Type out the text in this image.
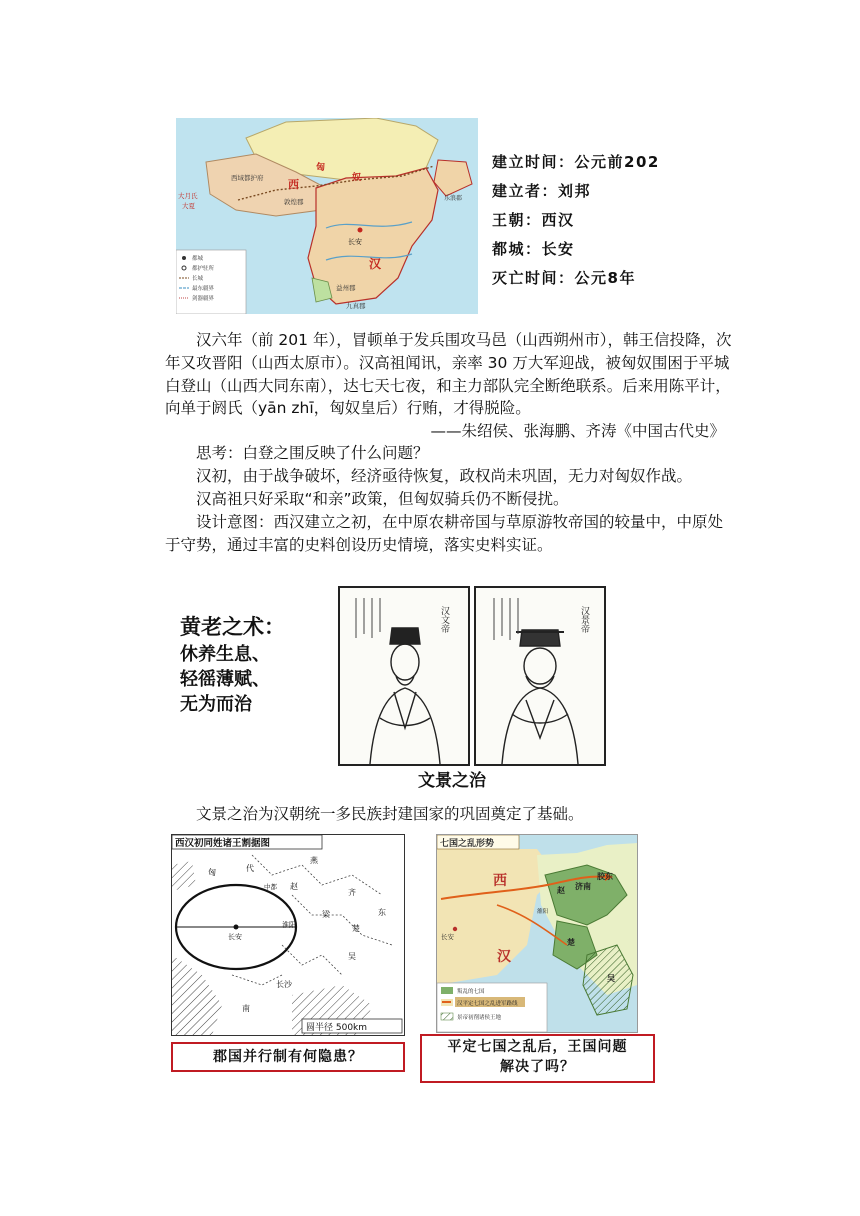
都城
都护驻所
长城
最东疆界
剑器疆界
西域都护府 西
汉
匈
奴
敦煌郡
长安
乐浪郡
益州郡
九真郡
大月氏
大夏
建立时间：公元前202
建立者：刘邦
王朝：西汉
都城：长安
灭亡时间：公元8年
汉六年（前 201 年），冒顿单于发兵围攻马邑（山西朔州市），韩王信投降，次年又攻晋阳（山西太原市）。汉高祖闻讯，亲率 30 万大军迎战，被匈奴围困于平城白登山（山西大同东南），达七天七夜，和主力部队完全断绝联系。后来用陈平计，向单于阏氏（yān zhī，匈奴皇后）行贿，才得脱险。
——朱绍侯、张海鹏、齐涛《中国古代史》
思考：白登之围反映了什么问题？
汉初，由于战争破坏，经济亟待恢复，政权尚未巩固，无力对匈奴作战。
汉高祖只好采取“和亲”政策，但匈奴骑兵仍不断侵扰。
设计意图：西汉建立之初，在中原农耕帝国与草原游牧帝国的较量中，中原处于守势，通过丰富的史料创设历史情境，落实史料实证。
黄老之术：
休养生息、
轻徭薄赋、
无为而治
汉文帝	汉景帝
文景之治
文景之治为汉朝统一多民族封建国家的巩固奠定了基础。
西汉初同姓诸王割据图
代
燕
中都 赵
长安
淮阳
梁
楚
吴
长沙
南
齐
东
匈
圆半径 500km
七国之乱形势
西
汉
长安
赵 济南
胶东
楚
吴
雒阳
叛乱的七国
汉平定七国之乱进军路线
景帝初削诸侯王地
郡国并行制有何隐患？
平定七国之乱后，王国问题
解决了吗？
